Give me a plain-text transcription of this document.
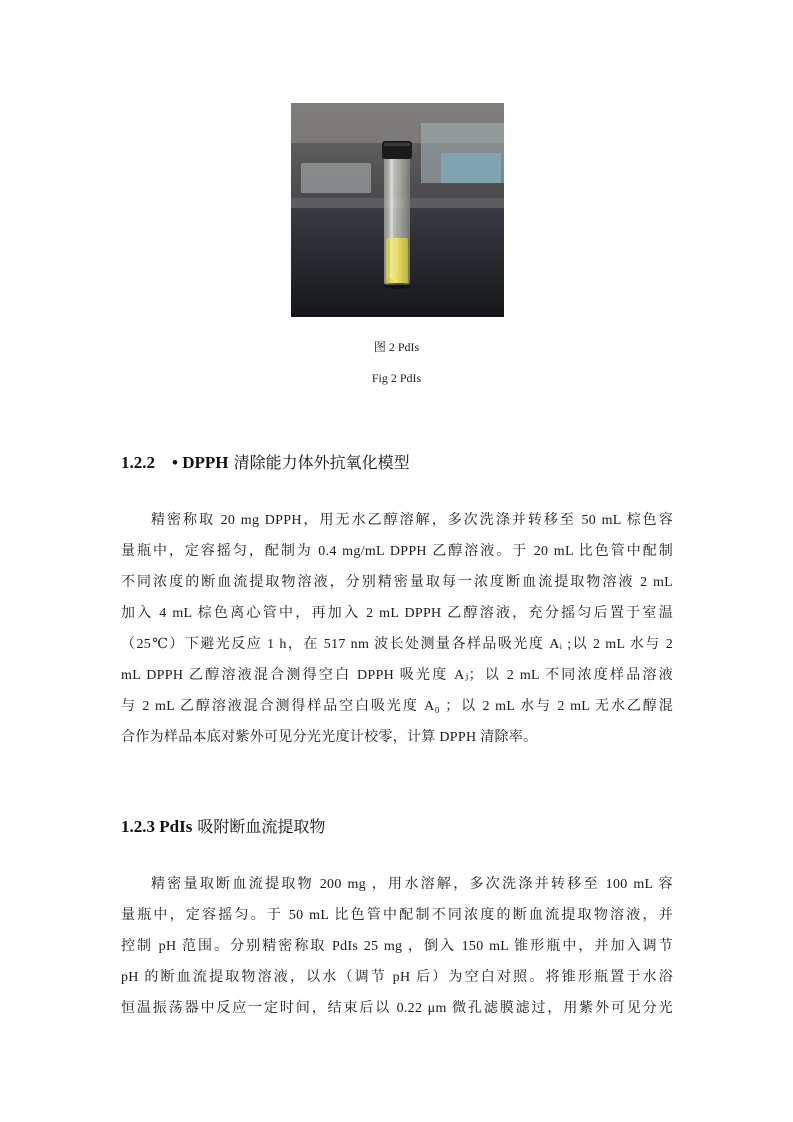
图 2 PdIs
Fig 2 PdIs
1.2.2 • DPPH 清除能力体外抗氧化模型
精密称取 20 mg DPPH，用无水乙醇溶解，多次洗涤并转移至 50 mL 棕色容
量瓶中，定容摇匀，配制为 0.4 mg/mL DPPH 乙醇溶液。于 20 mL 比色管中配制
不同浓度的断血流提取物溶液，分别精密量取每一浓度断血流提取物溶液 2 mL
加入 4 mL 棕色离心管中，再加入 2 mL DPPH 乙醇溶液，充分摇匀后置于室温
（25℃）下避光反应 1 h，在 517 nm 波长处测量各样品吸光度 Aᵢ ;以 2 mL 水与 2
mL DPPH 乙醇溶液混合测得空白 DPPH 吸光度 Aⱼ；以 2 mL 不同浓度样品溶液
与 2 mL 乙醇溶液混合测得样品空白吸光度 A₀ ；以 2 mL 水与 2 mL 无水乙醇混
合作为样品本底对紫外可见分光光度计校零，计算 DPPH 清除率。
1.2.3 PdIs 吸附断血流提取物
精密量取断血流提取物 200 mg ，用水溶解，多次洗涤并转移至 100 mL 容
量瓶中，定容摇匀。于 50 mL 比色管中配制不同浓度的断血流提取物溶液，并
控制 pH 范围。分别精密称取 PdIs 25 mg ，倒入 150 mL 锥形瓶中，并加入调节
pH 的断血流提取物溶液，以水（调节 pH 后）为空白对照。将锥形瓶置于水浴
恒温振荡器中反应一定时间，结束后以 0.22 μm 微孔滤膜滤过，用紫外可见分光
